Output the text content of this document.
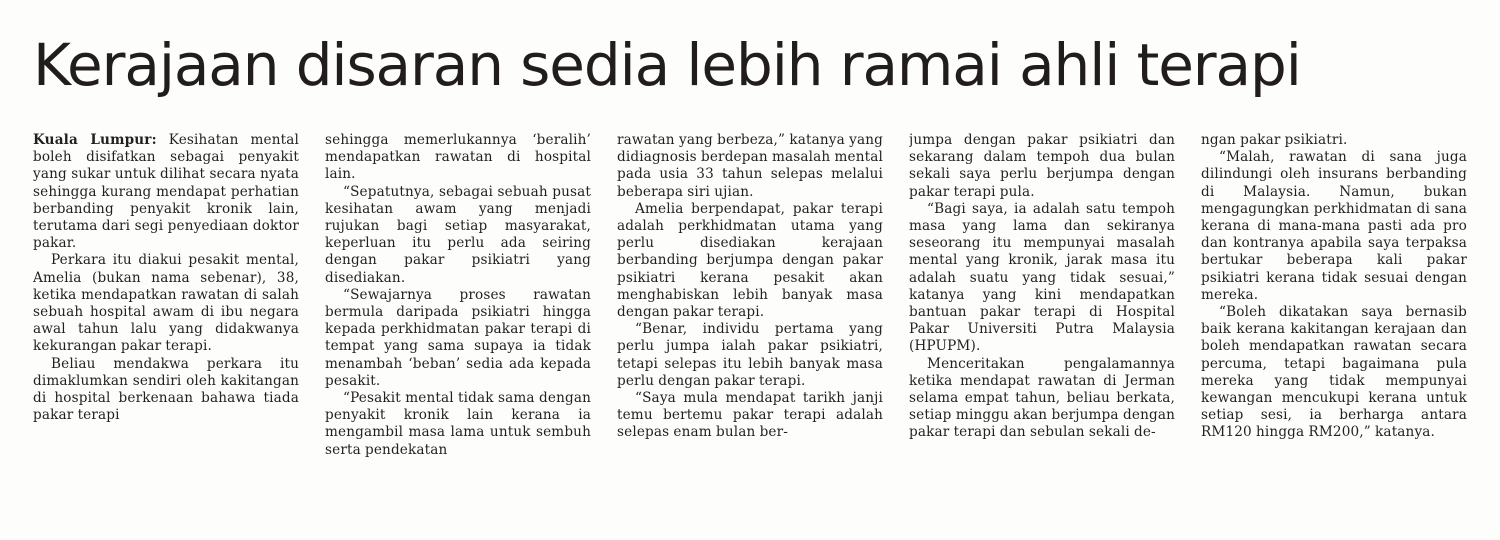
Kerajaan disaran sedia lebih ramai ahli terapi

Kuala Lumpur: Kesihatan mental boleh disifatkan sebagai penyakit yang sukar untuk dilihat secara nyata sehingga kurang mendapat perhatian berbanding penyakit kronik lain, terutama dari segi penyediaan doktor pakar.

Perkara itu diakui pesakit mental, Amelia (bukan nama sebenar), 38, ketika mendapatkan rawatan di salah sebuah hospital awam di ibu negara awal tahun lalu yang didakwanya kekurangan pakar terapi.

Beliau mendakwa perkara itu dimaklumkan sendiri oleh kakitangan di hospital berkenaan bahawa tiada pakar terapi

sehingga memerlukannya ‘beralih’ mendapatkan rawatan di hospital lain.

“Sepatutnya, sebagai sebuah pusat kesihatan awam yang menjadi rujukan bagi setiap masyarakat, keperluan itu perlu ada seiring dengan pakar psikiatri yang disediakan.

“Sewajarnya proses rawatan bermula daripada psikiatri hingga kepada perkhidmatan pakar terapi di tempat yang sama supaya ia tidak menambah ‘beban’ sedia ada kepada pesakit.

“Pesakit mental tidak sama dengan penyakit kronik lain kerana ia mengambil masa lama untuk sembuh serta pendekatan

rawatan yang berbeza,” katanya yang didiagnosis berdepan masalah mental pada usia 33 tahun selepas melalui beberapa siri ujian.

Amelia berpendapat, pakar terapi adalah perkhidmatan utama yang perlu disediakan kerajaan berbanding berjumpa dengan pakar psikiatri kerana pesakit akan menghabiskan lebih banyak masa dengan pakar terapi.

“Benar, individu pertama yang perlu jumpa ialah pakar psikiatri, tetapi selepas itu lebih banyak masa perlu dengan pakar terapi.

“Saya mula mendapat tarikh janji temu bertemu pakar terapi adalah selepas enam bulan ber-

jumpa dengan pakar psikiatri dan sekarang dalam tempoh dua bulan sekali saya perlu berjumpa dengan pakar terapi pula.

“Bagi saya, ia adalah satu tempoh masa yang lama dan sekiranya seseorang itu mempunyai masalah mental yang kronik, jarak masa itu adalah suatu yang tidak sesuai,” katanya yang kini mendapatkan bantuan pakar terapi di Hospital Pakar Universiti Putra Malaysia (HPUPM).

Menceritakan pengalamannya ketika mendapat rawatan di Jerman selama empat tahun, beliau berkata, setiap minggu akan berjumpa dengan pakar terapi dan sebulan sekali de-

ngan pakar psikiatri.

“Malah, rawatan di sana juga dilindungi oleh insurans berbanding di Malaysia. Namun, bukan mengagungkan perkhidmatan di sana kerana di mana-mana pasti ada pro dan kontranya apabila saya terpaksa bertukar beberapa kali pakar psikiatri kerana tidak sesuai dengan mereka.

“Boleh dikatakan saya bernasib baik kerana kakitangan kerajaan dan boleh mendapatkan rawatan secara percuma, tetapi bagaimana pula mereka yang tidak mempunyai kewangan mencukupi kerana untuk setiap sesi, ia berharga antara RM120 hingga RM200,” katanya.
